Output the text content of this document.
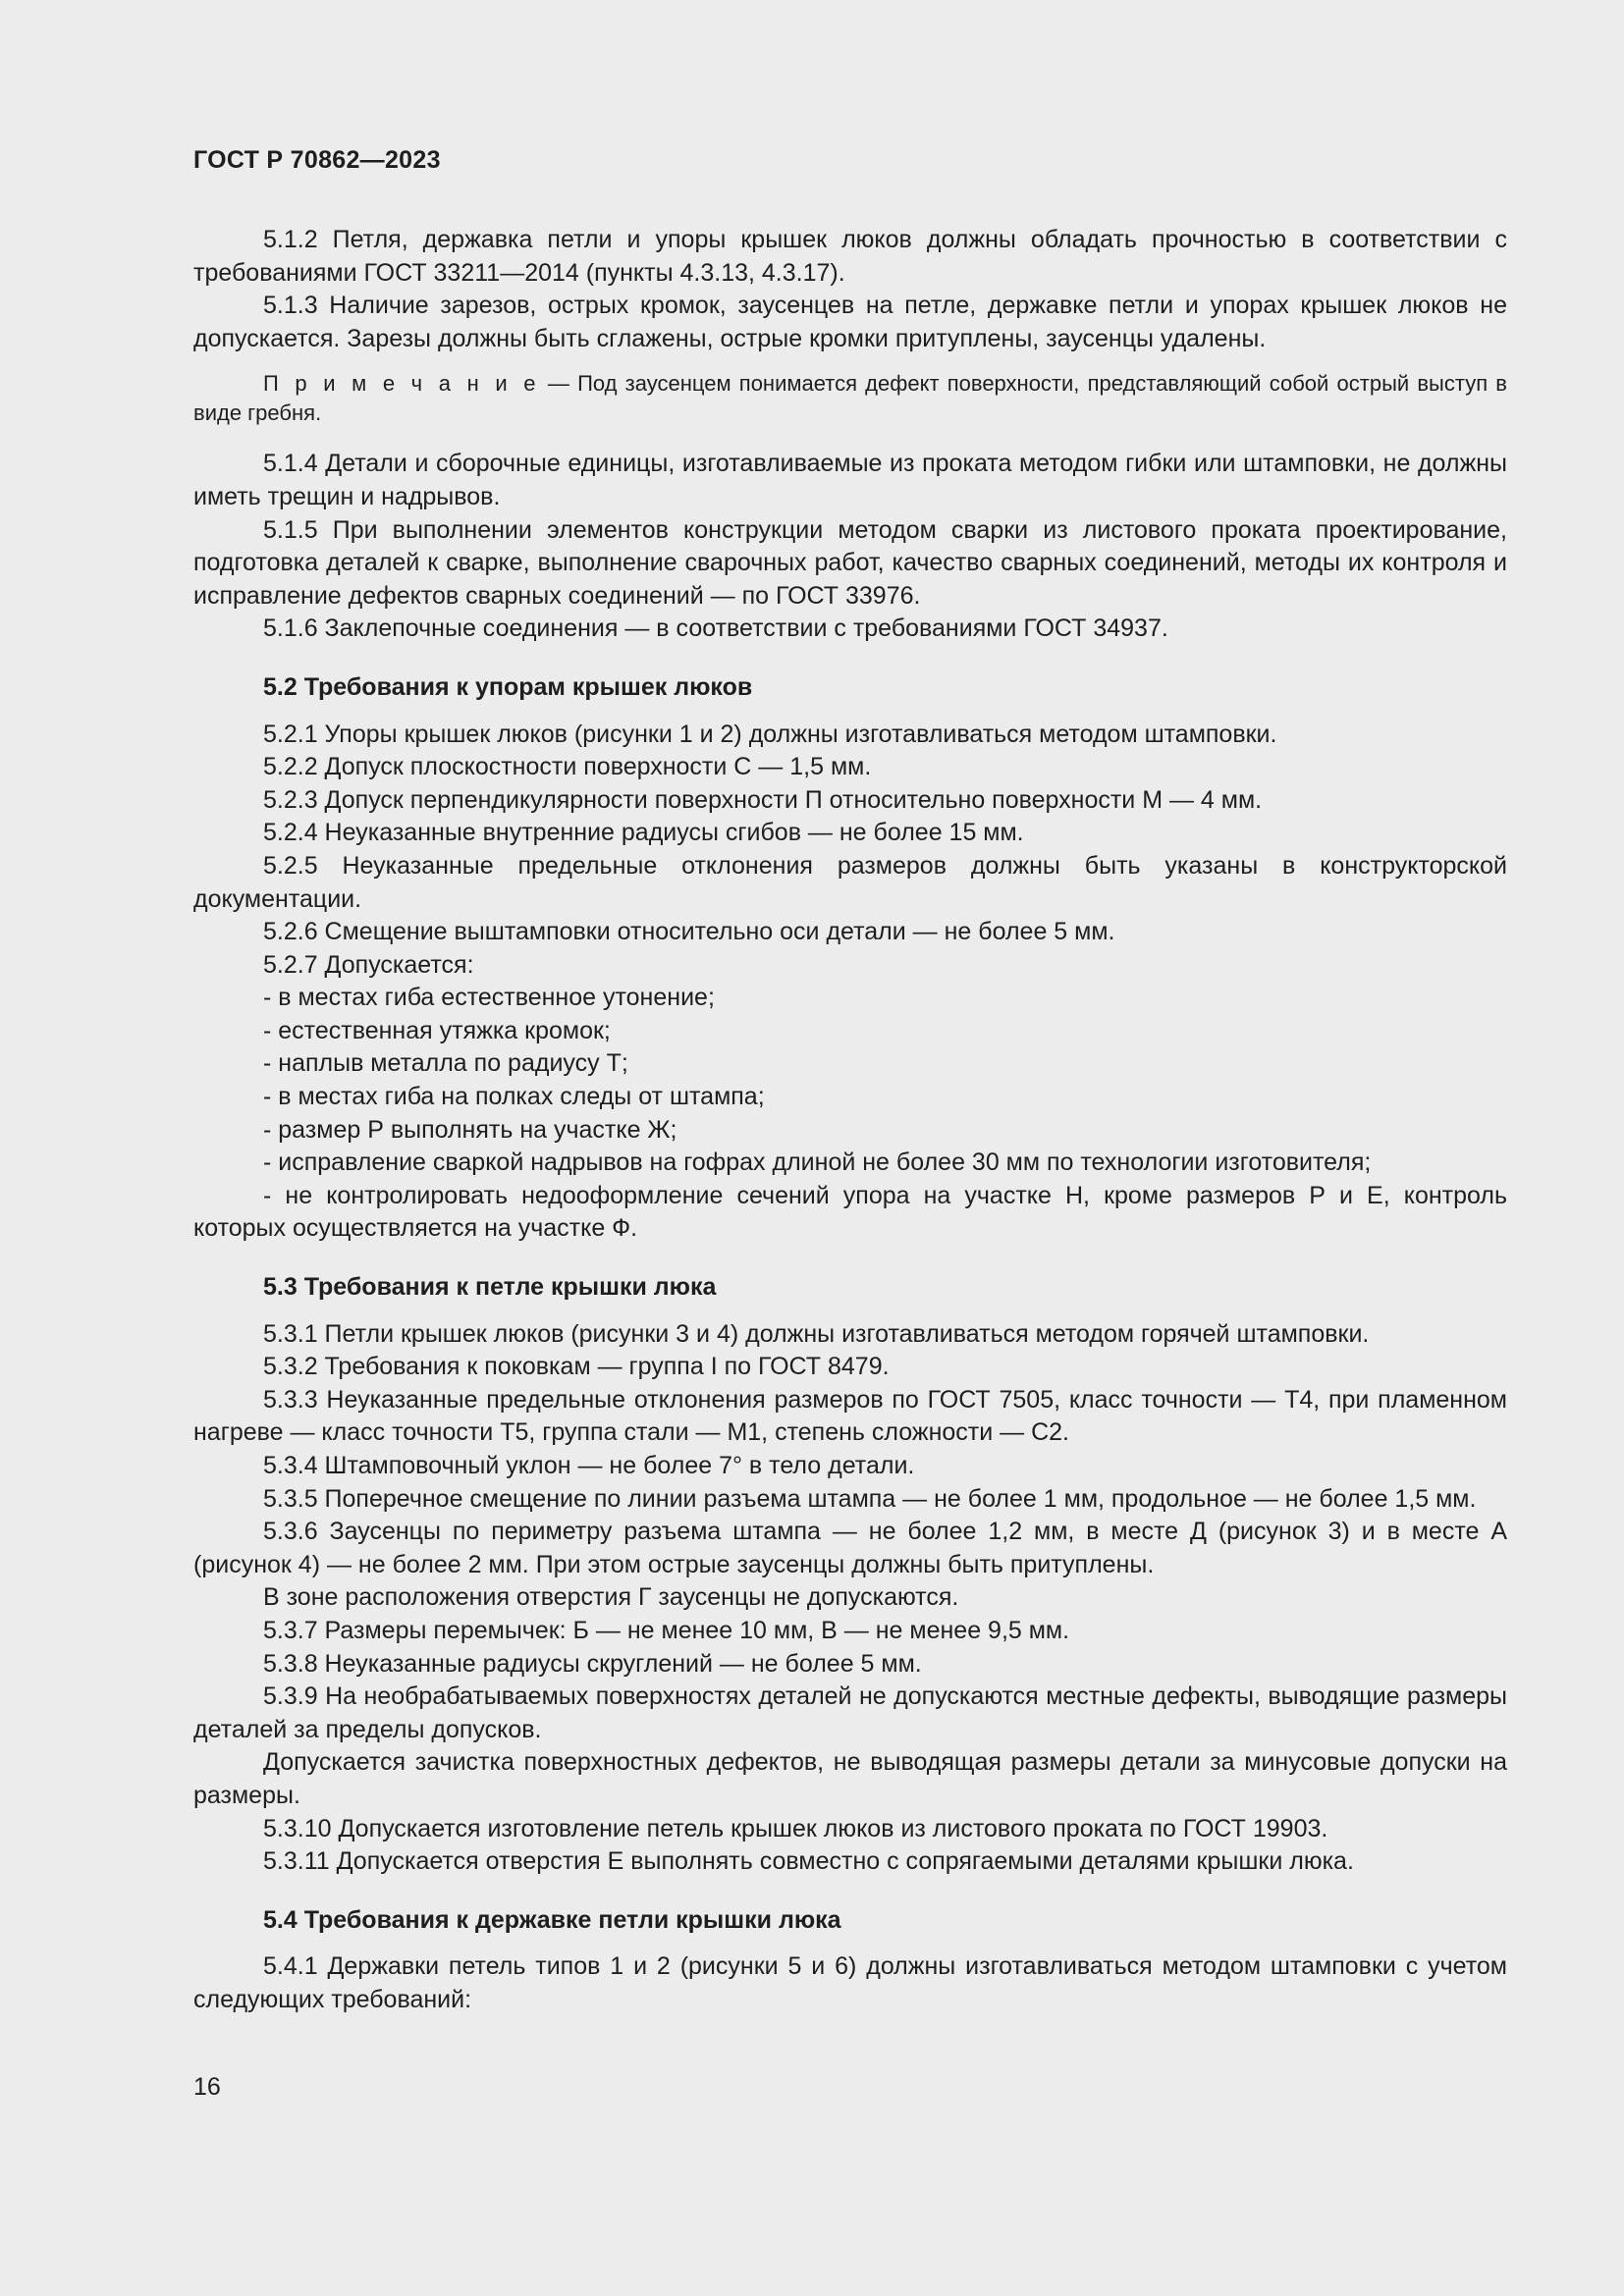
ГОСТ Р 70862—2023

5.1.2 Петля, державка петли и упоры крышек люков должны обладать прочностью в соответствии с требованиями ГОСТ 33211—2014 (пункты 4.3.13, 4.3.17).

5.1.3 Наличие зарезов, острых кромок, заусенцев на петле, державке петли и упорах крышек люков не допускается. Зарезы должны быть сглажены, острые кромки притуплены, заусенцы удалены.

П р и м е ч а н и е — Под заусенцем понимается дефект поверхности, представляющий собой острый выступ в виде гребня.

5.1.4 Детали и сборочные единицы, изготавливаемые из проката методом гибки или штамповки, не должны иметь трещин и надрывов.

5.1.5 При выполнении элементов конструкции методом сварки из листового проката проектирование, подготовка деталей к сварке, выполнение сварочных работ, качество сварных соединений, методы их контроля и исправление дефектов сварных соединений — по ГОСТ 33976.

5.1.6 Заклепочные соединения — в соответствии с требованиями ГОСТ 34937.

5.2 Требования к упорам крышек люков

5.2.1 Упоры крышек люков (рисунки 1 и 2) должны изготавливаться методом штамповки.

5.2.2 Допуск плоскостности поверхности С — 1,5 мм.

5.2.3 Допуск перпендикулярности поверхности П относительно поверхности М — 4 мм.

5.2.4 Неуказанные внутренние радиусы сгибов — не более 15 мм.

5.2.5 Неуказанные предельные отклонения размеров должны быть указаны в конструкторской документации.

5.2.6 Смещение выштамповки относительно оси детали — не более 5 мм.

5.2.7 Допускается:

- в местах гиба естественное утонение;

- естественная утяжка кромок;

- наплыв металла по радиусу Т;

- в местах гиба на полках следы от штампа;

- размер Р выполнять на участке Ж;

- исправление сваркой надрывов на гофрах длиной не более 30 мм по технологии изготовителя;

- не контролировать недооформление сечений упора на участке Н, кроме размеров Р и Е, контроль которых осуществляется на участке Ф.

5.3 Требования к петле крышки люка

5.3.1 Петли крышек люков (рисунки 3 и 4) должны изготавливаться методом горячей штамповки.

5.3.2 Требования к поковкам — группа I по ГОСТ 8479.

5.3.3 Неуказанные предельные отклонения размеров по ГОСТ 7505, класс точности — Т4, при пламенном нагреве — класс точности Т5, группа стали — М1, степень сложности — С2.

5.3.4 Штамповочный уклон — не более 7° в тело детали.

5.3.5 Поперечное смещение по линии разъема штампа — не более 1 мм, продольное — не более 1,5 мм.

5.3.6 Заусенцы по периметру разъема штампа — не более 1,2 мм, в месте Д (рисунок 3) и в месте А (рисунок 4) — не более 2 мм. При этом острые заусенцы должны быть притуплены.

В зоне расположения отверстия Г заусенцы не допускаются.

5.3.7 Размеры перемычек: Б — не менее 10 мм, В — не менее 9,5 мм.

5.3.8 Неуказанные радиусы скруглений — не более 5 мм.

5.3.9 На необрабатываемых поверхностях деталей не допускаются местные дефекты, выводящие размеры деталей за пределы допусков.

Допускается зачистка поверхностных дефектов, не выводящая размеры детали за минусовые допуски на размеры.

5.3.10 Допускается изготовление петель крышек люков из листового проката по ГОСТ 19903.

5.3.11 Допускается отверстия Е выполнять совместно с сопрягаемыми деталями крышки люка.

5.4 Требования к державке петли крышки люка

5.4.1 Державки петель типов 1 и 2 (рисунки 5 и 6) должны изготавливаться методом штамповки с учетом следующих требований:

16
